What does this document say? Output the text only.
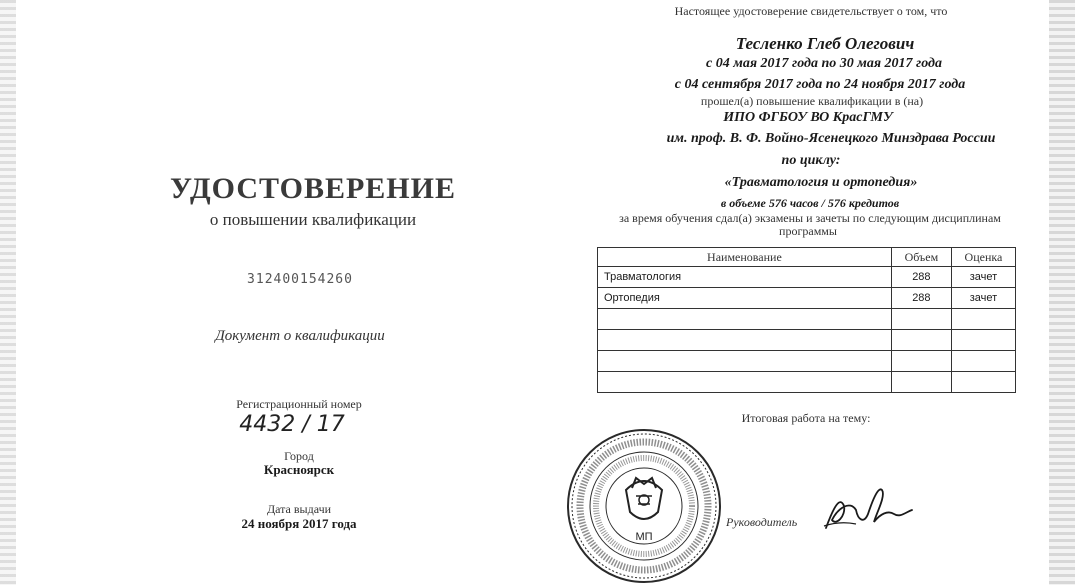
УДОСТОВЕРЕНИЕ
о повышении квалификации
312400154260
Документ о квалификации
Регистрационный номер
4432 / 17
Город
Красноярск
Дата выдачи
24 ноября 2017 года
Настоящее удостоверение свидетельствует о том, что
Тесленко Глеб Олегович
с 04 мая 2017 года по 30 мая 2017 года
с 04 сентября 2017 года по 24 ноября 2017 года
прошел(а) повышение квалификации в (на)
ИПО ФГБОУ ВО КрасГМУ
им. проф. В. Ф. Войно-Ясенецкого Минздрава России
по циклу:
«Травматология и ортопедия»
в объеме 576 часов / 576 кредитов
за время обучения сдал(а) экзамены и зачеты по следующим дисциплинам
программы
Наименование	Объем	Оценка
Травматология	288	зачет
Ортопедия	288	зачет

Итоговая работа на тему:
МП
Руководитель
